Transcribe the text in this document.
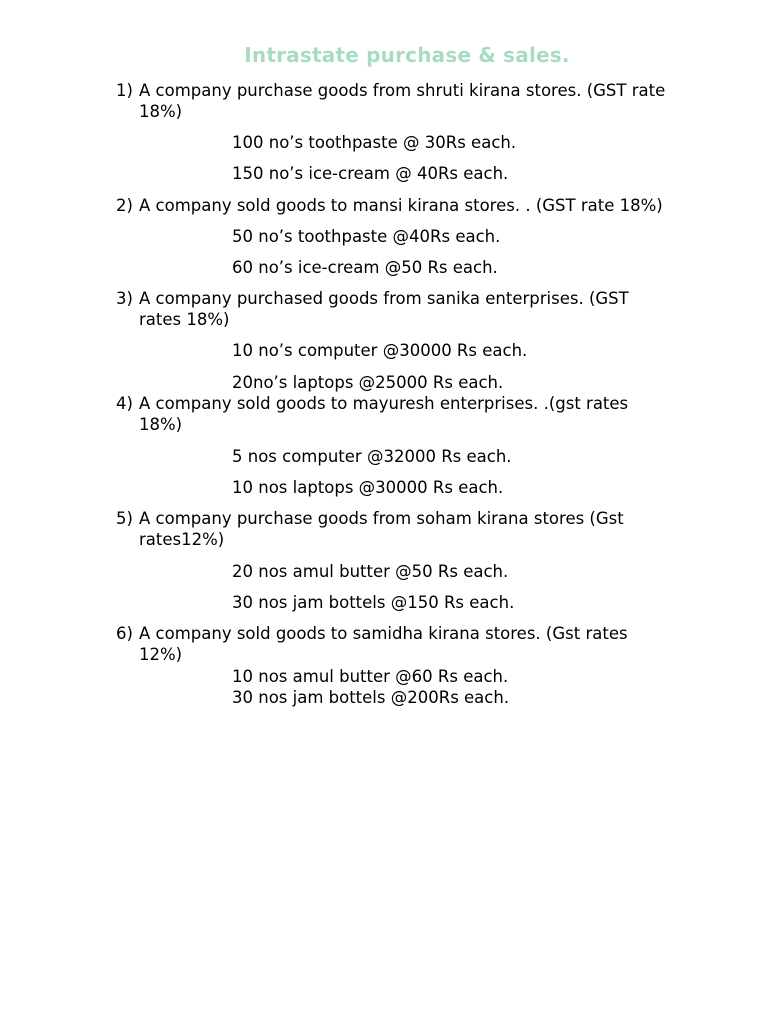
Intrastate purchase & sales.
1) A company purchase goods from shruti kirana stores. (GST rate
18%)
100 no’s toothpaste @ 30Rs each.
150 no’s ice-cream @ 40Rs each.
2) A company sold goods to mansi kirana stores. . (GST rate 18%)
50 no’s toothpaste @40Rs each.
60 no’s ice-cream @50 Rs each.
3) A company purchased goods from sanika enterprises. (GST
rates 18%)
10 no’s computer @30000 Rs each.
20no’s laptops @25000 Rs each.
4) A company sold goods to mayuresh enterprises. .(gst rates
18%)
5 nos computer @32000 Rs each.
10 nos laptops @30000 Rs each.
5) A company purchase goods from soham kirana stores (Gst
rates12%)
20 nos amul butter @50 Rs each.
30 nos jam bottels @150 Rs each.
6) A company sold goods to samidha kirana stores. (Gst rates
12%)
10 nos amul butter @60 Rs each.
30 nos jam bottels @200Rs each.
